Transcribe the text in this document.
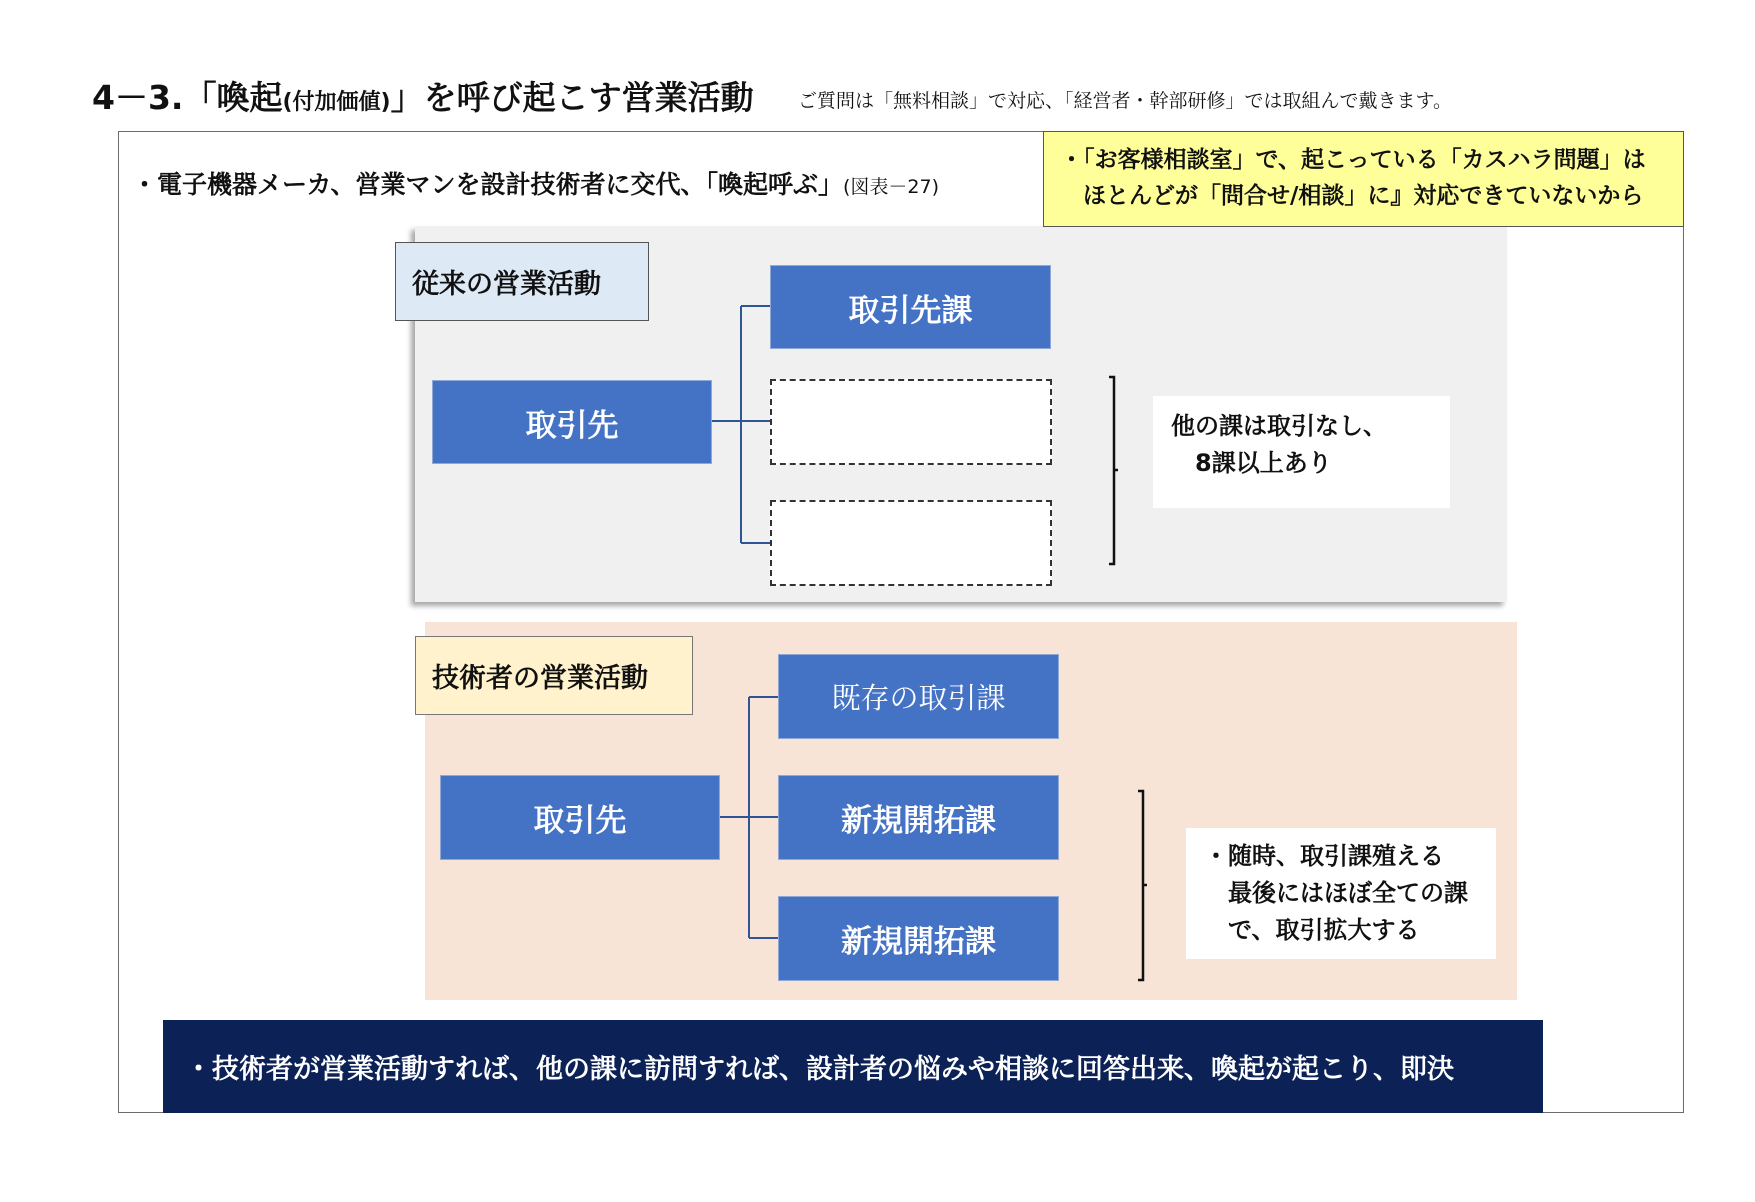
4－3.「喚起(付加価値)」を呼び起こす営業活動 ご質問は「無料相談」で対応、「経営者・幹部研修」では取組んで戴きます。
・電子機器メーカ、営業マンを設計技術者に交代、「喚起呼ぶ」(図表－27)
・「お客様相談室」で、起こっている「カスハラ問題」は
　ほとんどが「問合せ/相談」に』対応できていないから
従来の営業活動
取引先
取引先課
他の課は取引なし、
　8課以上あり
技術者の営業活動
取引先
既存の取引課
新規開拓課
新規開拓課
・随時、取引課殖える
　最後にはほぼ全ての課
　で、取引拡大する
・技術者が営業活動すれば、他の課に訪問すれば、設計者の悩みや相談に回答出来、喚起が起こり、即決
